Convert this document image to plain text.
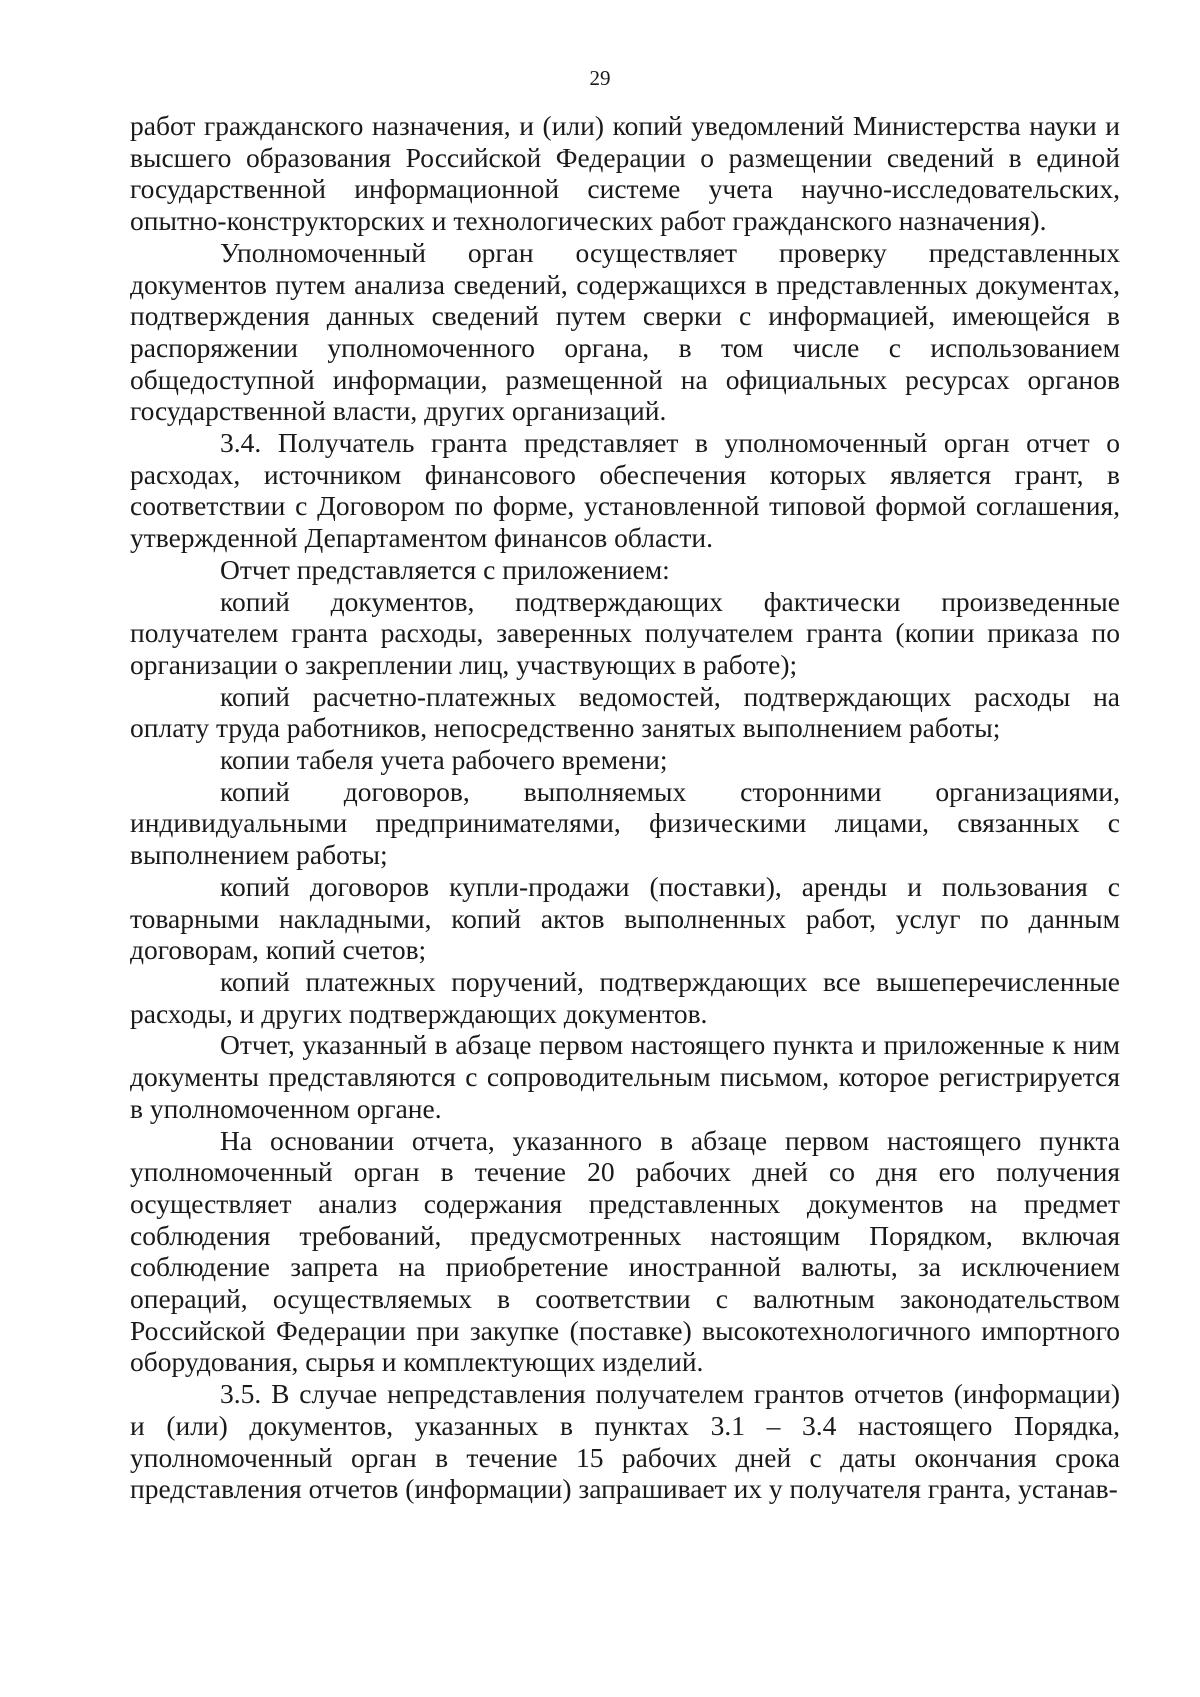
29

работ гражданского назначения, и (или) копий уведомлений Министерства науки и высшего образования Российской Федерации о размещении сведений в единой государственной информационной системе учета научно-исследовательских, опытно-конструкторских и технологических работ гражданского назначения).

Уполномоченный орган осуществляет проверку представленных документов путем анализа сведений, содержащихся в представленных документах, подтверждения данных сведений путем сверки с информацией, имеющейся в распоряжении уполномоченного органа, в том числе с использованием общедоступной информации, размещенной на официальных ресурсах органов государственной власти, других организаций.

3.4. Получатель гранта представляет в уполномоченный орган отчет о расходах, источником финансового обеспечения которых является грант, в соответствии с Договором по форме, установленной типовой формой соглашения, утвержденной Департаментом финансов области.

Отчет представляется с приложением:

копий документов, подтверждающих фактически произведенные получателем гранта расходы, заверенных получателем гранта (копии приказа по организации о закреплении лиц, участвующих в работе);

копий расчетно-платежных ведомостей, подтверждающих расходы на оплату труда работников, непосредственно занятых выполнением работы;

копии табеля учета рабочего времени;

копий договоров, выполняемых сторонними организациями, индивидуальными предпринимателями, физическими лицами, связанных с выполнением работы;

копий договоров купли-продажи (поставки), аренды и пользования с товарными накладными, копий актов выполненных работ, услуг по данным договорам, копий счетов;

копий платежных поручений, подтверждающих все вышеперечисленные расходы, и других подтверждающих документов.

Отчет, указанный в абзаце первом настоящего пункта и приложенные к ним документы представляются с сопроводительным письмом, которое регистрируется в уполномоченном органе.

На основании отчета, указанного в абзаце первом настоящего пункта уполномоченный орган в течение 20 рабочих дней со дня его получения осуществляет анализ содержания представленных документов на предмет соблюдения требований, предусмотренных настоящим Порядком, включая соблюдение запрета на приобретение иностранной валюты, за исключением операций, осуществляемых в соответствии с валютным законодательством Российской Федерации при закупке (поставке) высокотехнологичного импортного оборудования, сырья и комплектующих изделий.

3.5. В случае непредставления получателем грантов отчетов (информации) и (или) документов, указанных в пунктах 3.1 – 3.4 настоящего Порядка, уполномоченный орган в течение 15 рабочих дней с даты окончания срока представления отчетов (информации) запрашивает их у получателя гранта, устанав-
